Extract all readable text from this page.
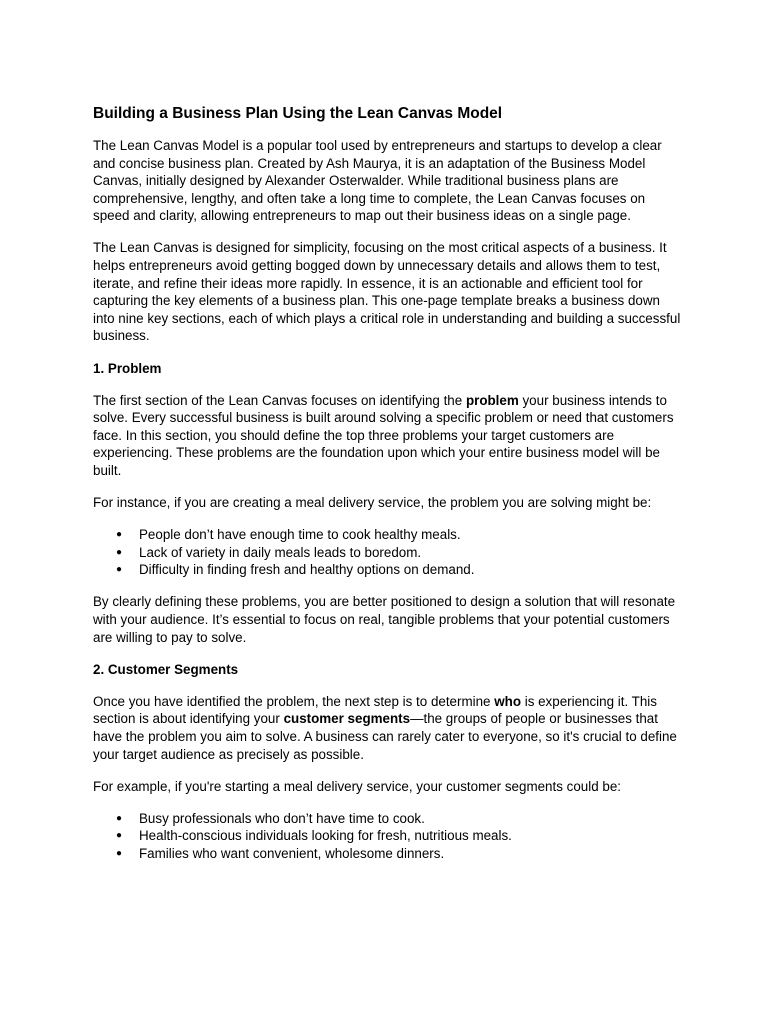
Building a Business Plan Using the Lean Canvas Model

The Lean Canvas Model is a popular tool used by entrepreneurs and startups to develop a clear and concise business plan. Created by Ash Maurya, it is an adaptation of the Business Model Canvas, initially designed by Alexander Osterwalder. While traditional business plans are comprehensive, lengthy, and often take a long time to complete, the Lean Canvas focuses on speed and clarity, allowing entrepreneurs to map out their business ideas on a single page.

The Lean Canvas is designed for simplicity, focusing on the most critical aspects of a business. It helps entrepreneurs avoid getting bogged down by unnecessary details and allows them to test, iterate, and refine their ideas more rapidly. In essence, it is an actionable and efficient tool for capturing the key elements of a business plan. This one-page template breaks a business down into nine key sections, each of which plays a critical role in understanding and building a successful business.

1. Problem

The first section of the Lean Canvas focuses on identifying the problem your business intends to solve. Every successful business is built around solving a specific problem or need that customers face. In this section, you should define the top three problems your target customers are experiencing. These problems are the foundation upon which your entire business model will be built.

For instance, if you are creating a meal delivery service, the problem you are solving might be:

● People don’t have enough time to cook healthy meals.
● Lack of variety in daily meals leads to boredom.
● Difficulty in finding fresh and healthy options on demand.

By clearly defining these problems, you are better positioned to design a solution that will resonate with your audience. It’s essential to focus on real, tangible problems that your potential customers are willing to pay to solve.

2. Customer Segments

Once you have identified the problem, the next step is to determine who is experiencing it. This section is about identifying your customer segments—the groups of people or businesses that have the problem you aim to solve. A business can rarely cater to everyone, so it's crucial to define your target audience as precisely as possible.

For example, if you're starting a meal delivery service, your customer segments could be:

● Busy professionals who don’t have time to cook.
● Health-conscious individuals looking for fresh, nutritious meals.
● Families who want convenient, wholesome dinners.
